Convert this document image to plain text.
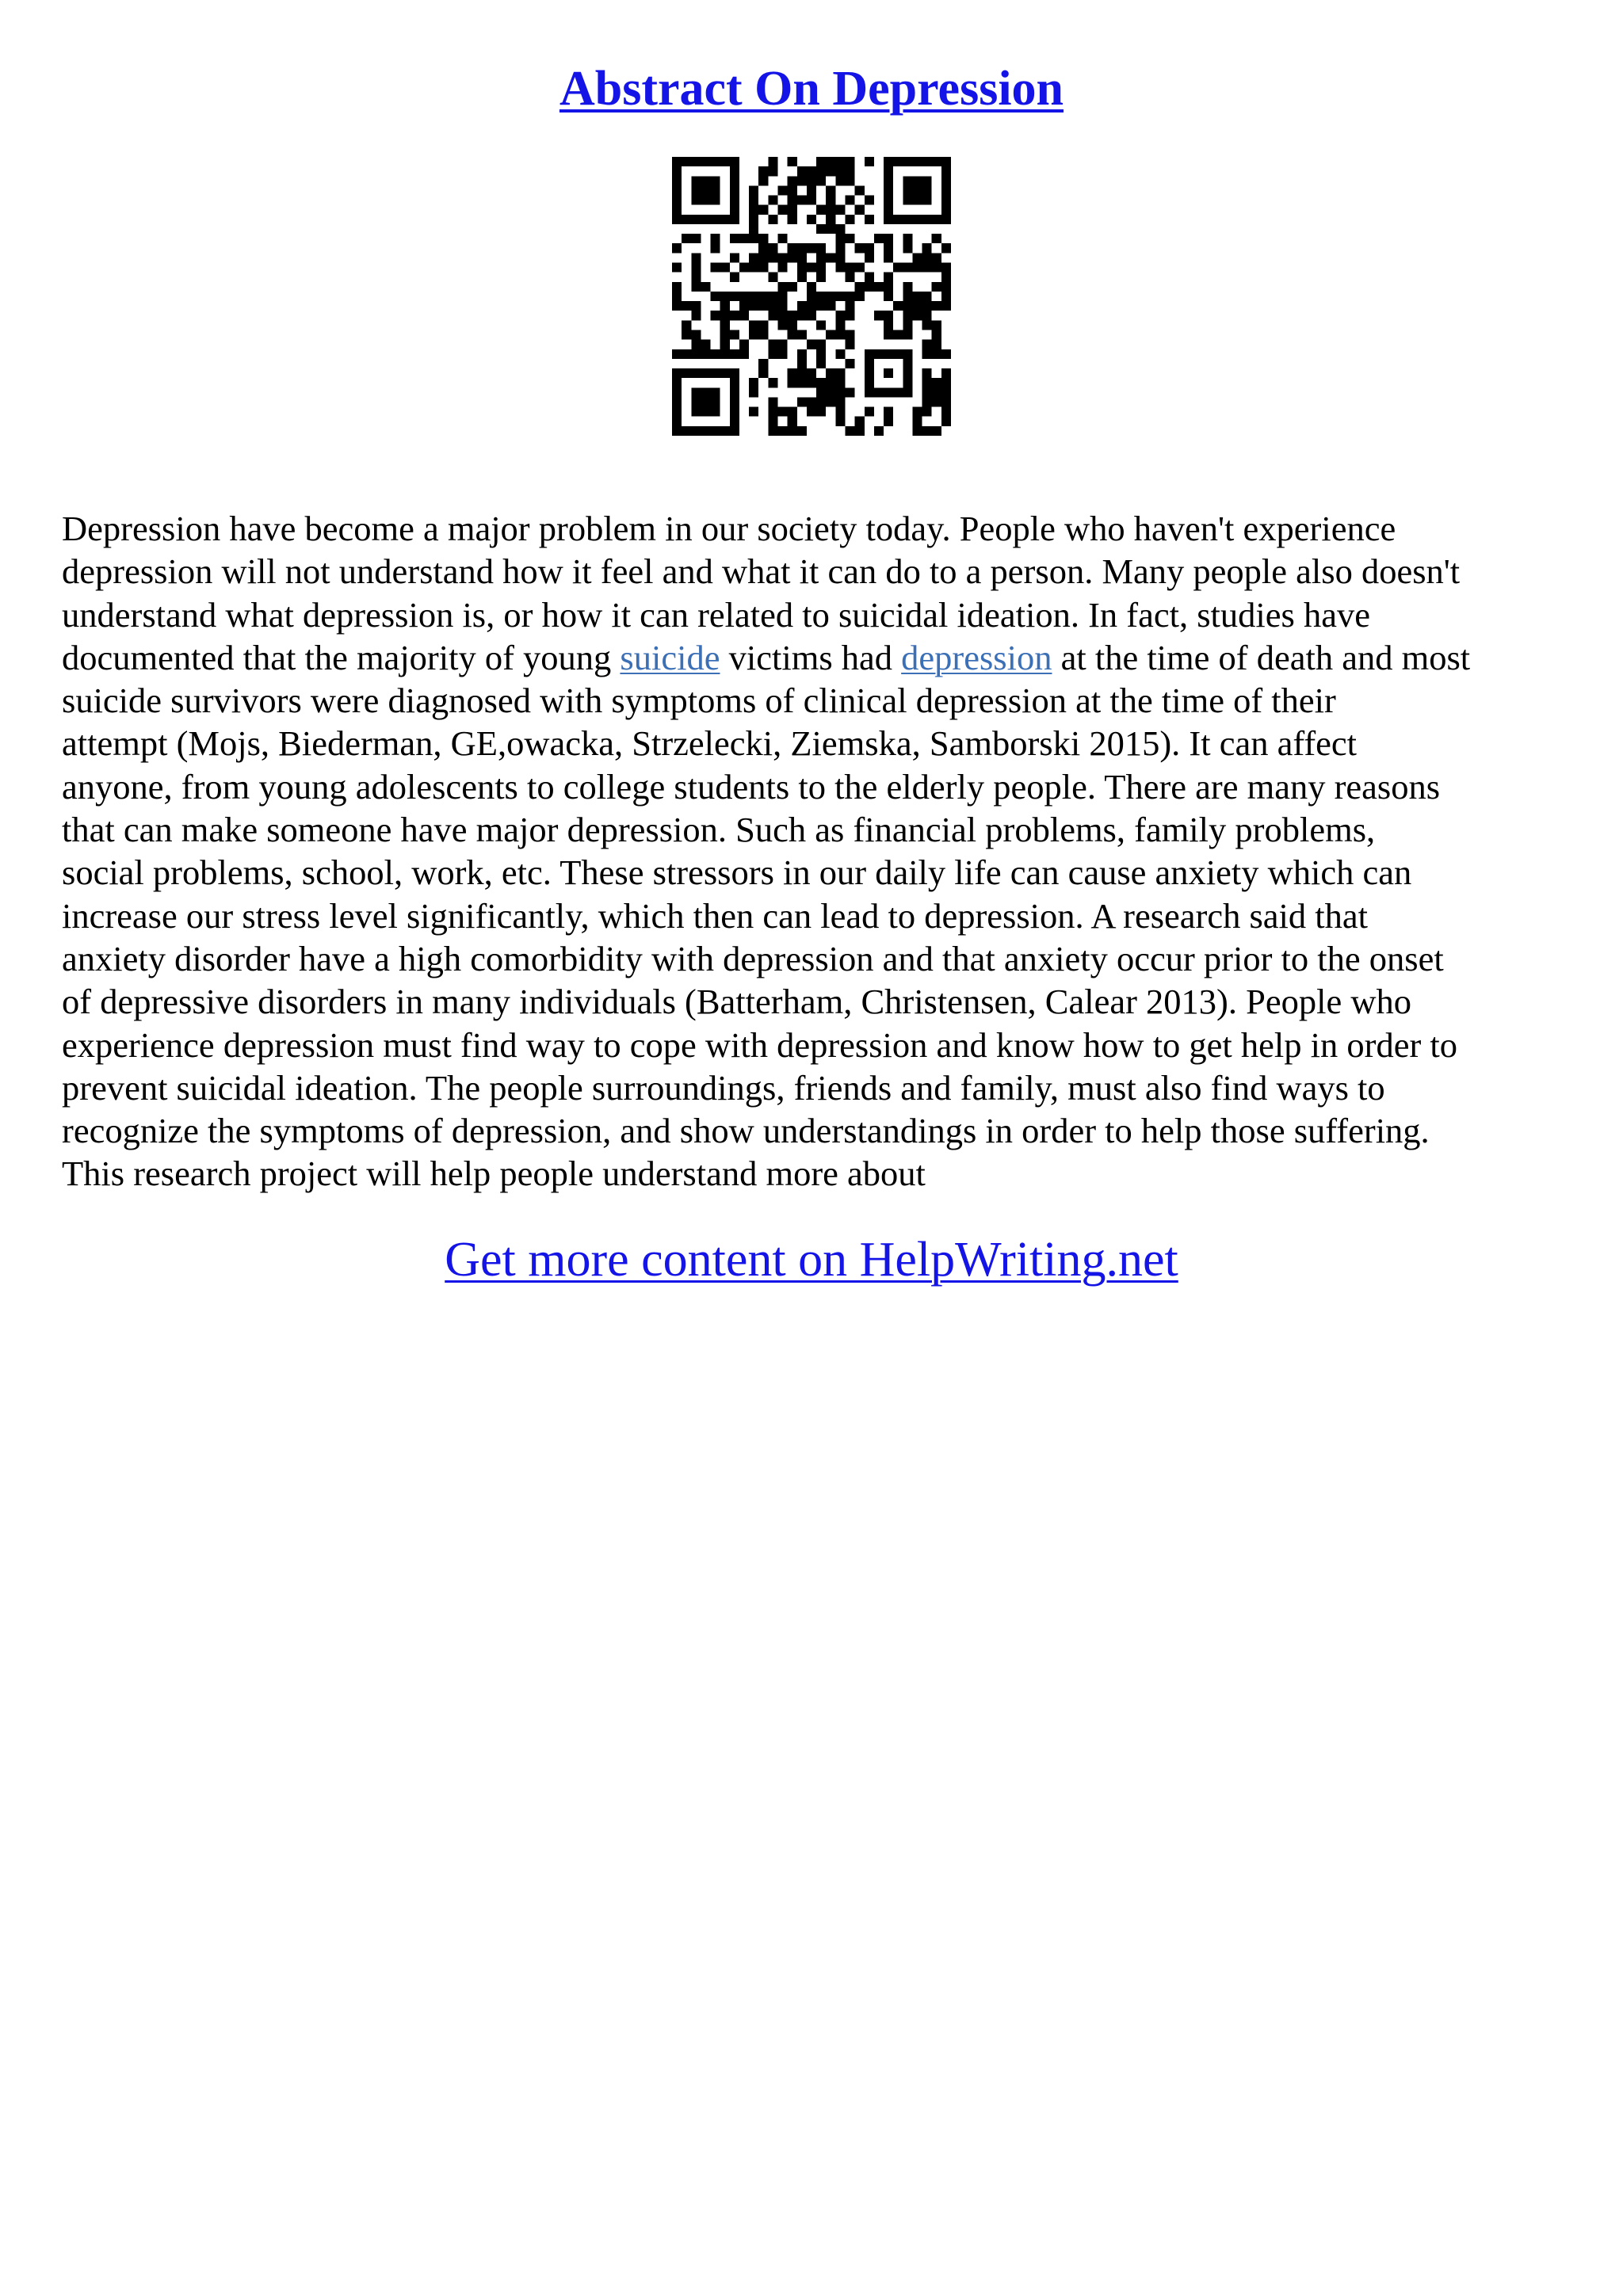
Abstract On Depression

Depression have become a major problem in our society today. People who haven't experience
depression will not understand how it feel and what it can do to a person. Many people also doesn't
understand what depression is, or how it can related to suicidal ideation. In fact, studies have
documented that the majority of young suicide victims had depression at the time of death and most
suicide survivors were diagnosed with symptoms of clinical depression at the time of their
attempt (Mojs, Biederman, GE,owacka, Strzelecki, Ziemska, Samborski 2015). It can affect
anyone, from young adolescents to college students to the elderly people. There are many reasons
that can make someone have major depression. Such as financial problems, family problems,
social problems, school, work, etc. These stressors in our daily life can cause anxiety which can
increase our stress level significantly, which then can lead to depression. A research said that
anxiety disorder have a high comorbidity with depression and that anxiety occur prior to the onset
of depressive disorders in many individuals (Batterham, Christensen, Calear 2013). People who
experience depression must find way to cope with depression and know how to get help in order to
prevent suicidal ideation. The people surroundings, friends and family, must also find ways to
recognize the symptoms of depression, and show understandings in order to help those suffering.
This research project will help people understand more about

Get more content on HelpWriting.net
